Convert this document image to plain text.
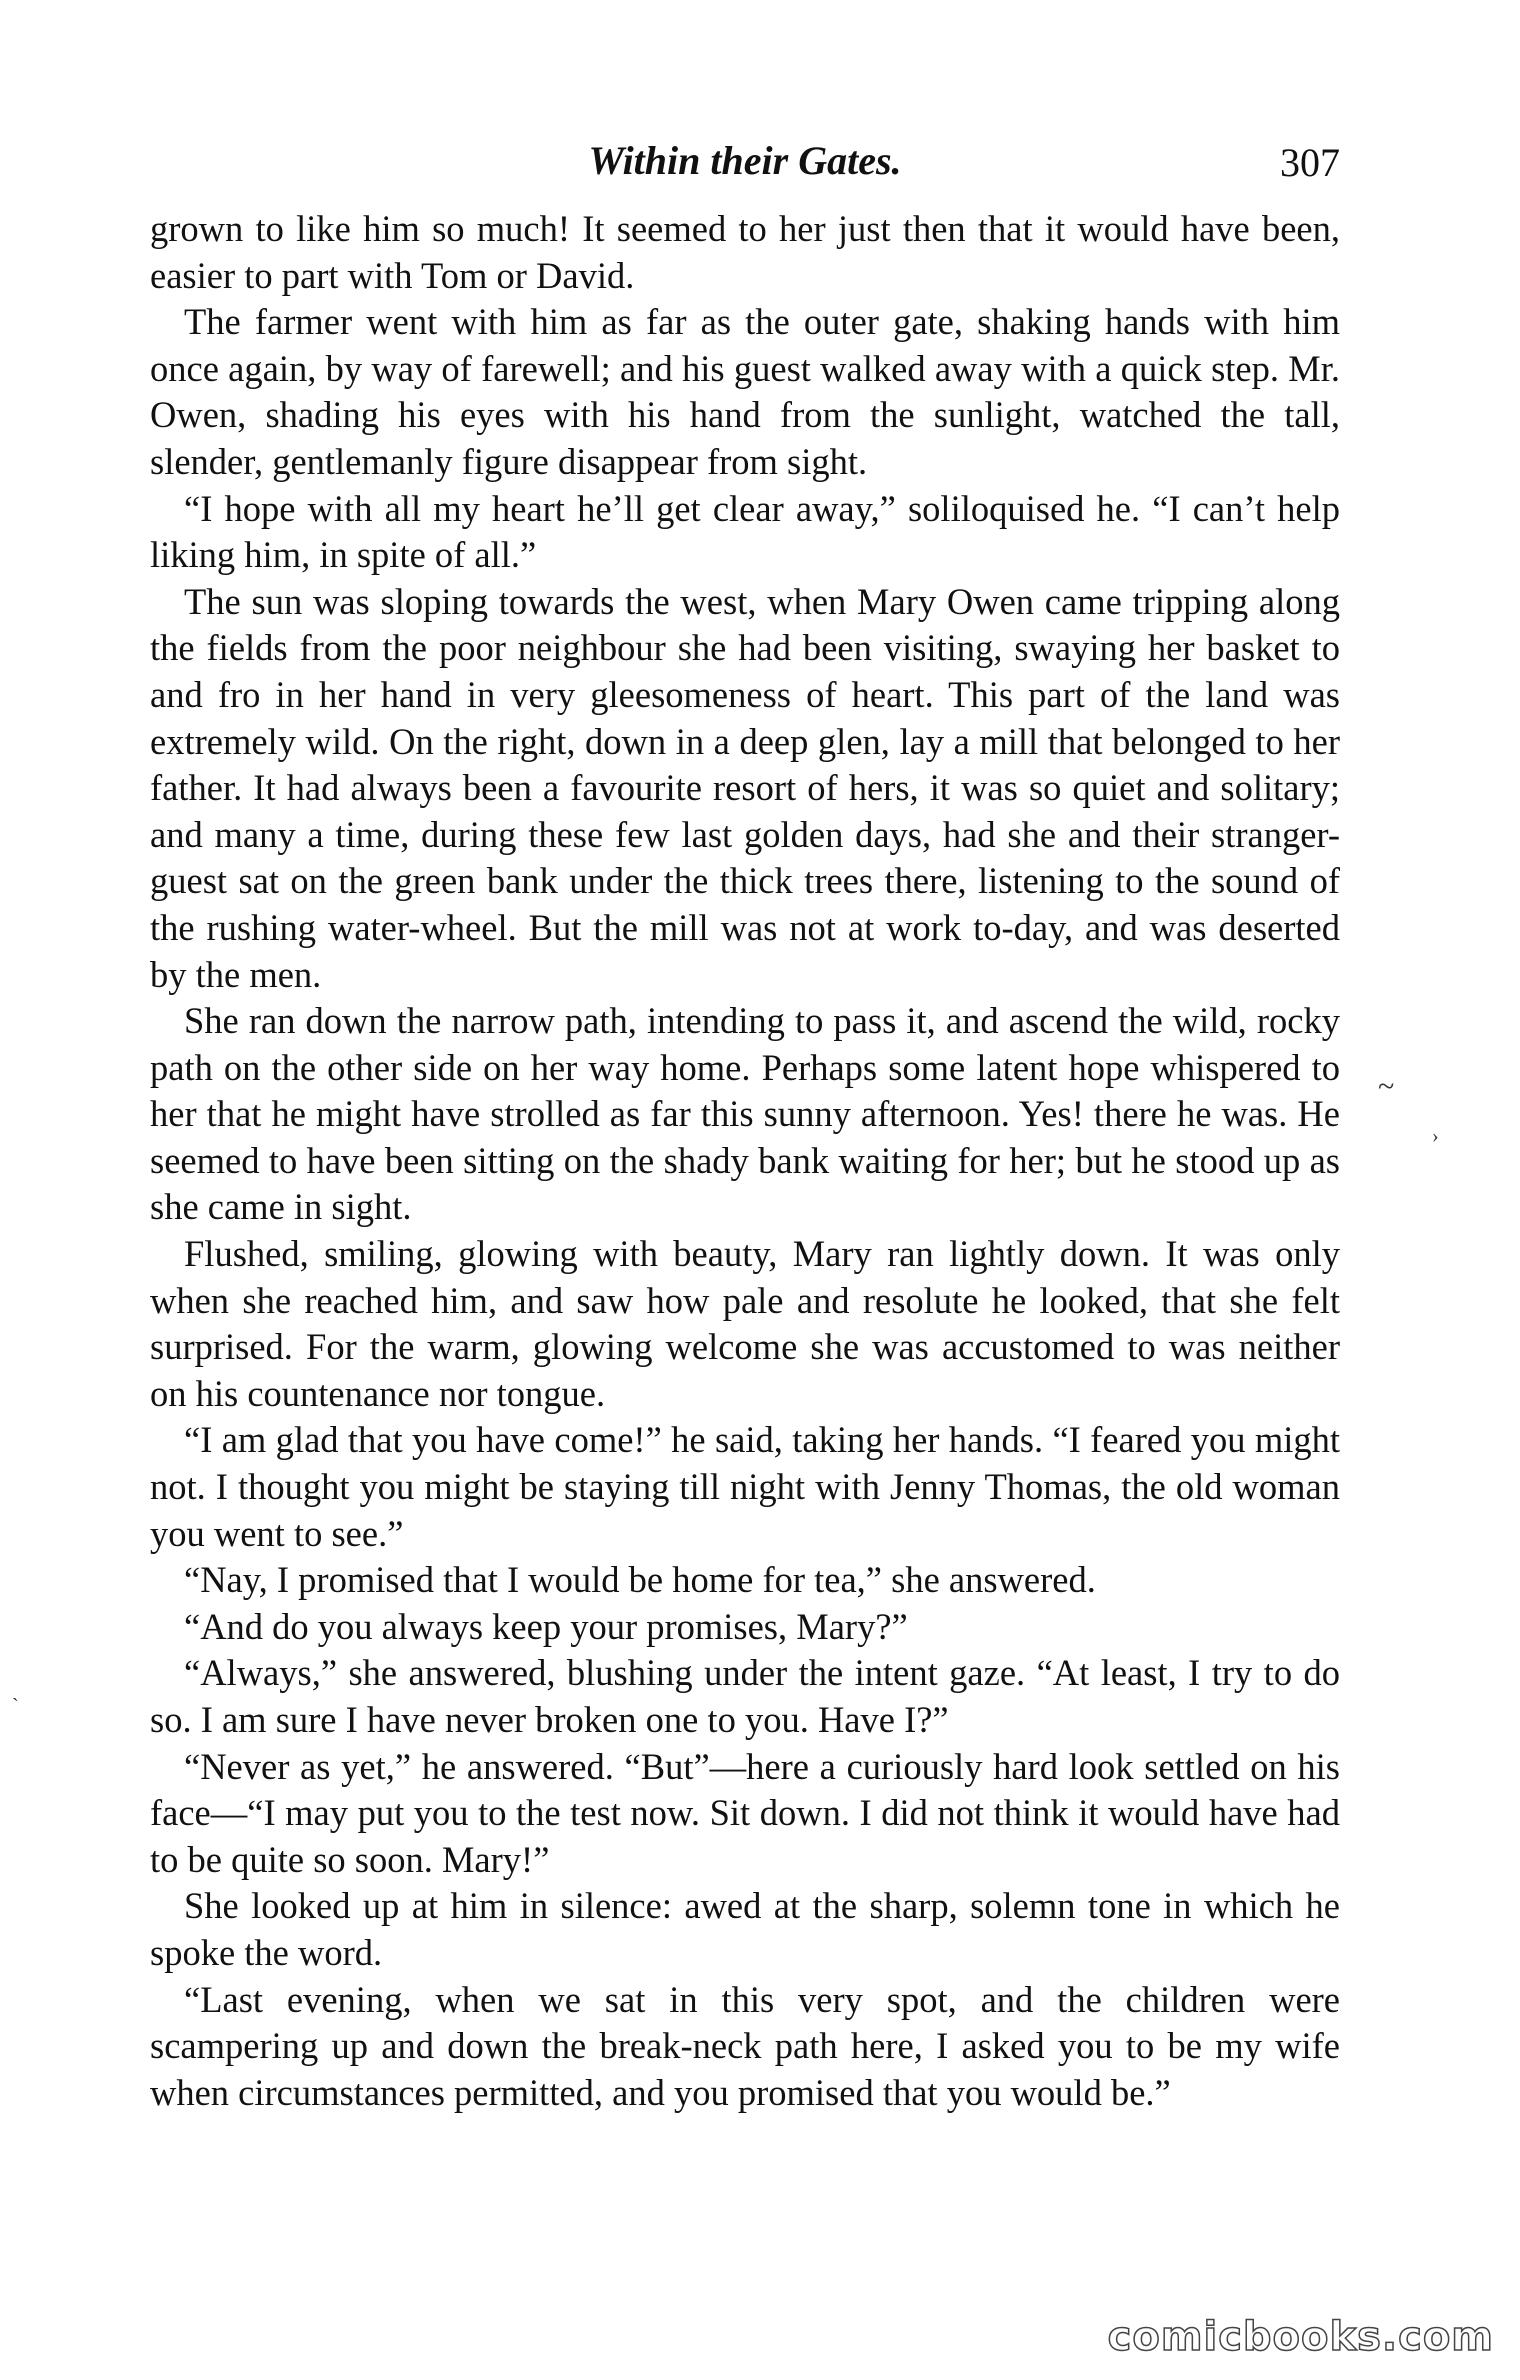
Within their Gates.	307

grown to like him so much! It seemed to her just then that it would have been, easier to part with Tom or David.

The farmer went with him as far as the outer gate, shaking hands with him once again, by way of farewell; and his guest walked away with a quick step. Mr. Owen, shading his eyes with his hand from the sunlight, watched the tall, slender, gentlemanly figure disappear from sight.

“I hope with all my heart he’ll get clear away,” soliloquised he. “I can’t help liking him, in spite of all.”

The sun was sloping towards the west, when Mary Owen came tripping along the fields from the poor neighbour she had been visiting, swaying her basket to and fro in her hand in very gleesomeness of heart. This part of the land was extremely wild. On the right, down in a deep glen, lay a mill that belonged to her father. It had always been a favourite resort of hers, it was so quiet and solitary; and many a time, during these few last golden days, had she and their stranger-guest sat on the green bank under the thick trees there, listening to the sound of the rushing water-wheel. But the mill was not at work to-day, and was deserted by the men.

She ran down the narrow path, intending to pass it, and ascend the wild, rocky path on the other side on her way home. Perhaps some latent hope whispered to her that he might have strolled as far this sunny afternoon. Yes! there he was. He seemed to have been sitting on the shady bank waiting for her; but he stood up as she came in sight.

Flushed, smiling, glowing with beauty, Mary ran lightly down. It was only when she reached him, and saw how pale and resolute he looked, that she felt surprised. For the warm, glowing welcome she was accustomed to was neither on his countenance nor tongue.

“I am glad that you have come!” he said, taking her hands. “I feared you might not. I thought you might be staying till night with Jenny Thomas, the old woman you went to see.”

“Nay, I promised that I would be home for tea,” she answered.

“And do you always keep your promises, Mary?”

“Always,” she answered, blushing under the intent gaze. “At least, I try to do so. I am sure I have never broken one to you. Have I?”

“Never as yet,” he answered. “But”—here a curiously hard look settled on his face—“I may put you to the test now. Sit down. I did not think it would have had to be quite so soon. Mary!”

She looked up at him in silence: awed at the sharp, solemn tone in which he spoke the word.

“Last evening, when we sat in this very spot, and the children were scampering up and down the break-neck path here, I asked you to be my wife when circumstances permitted, and you promised that you would be.”

~
›
`
comicbooks.com
